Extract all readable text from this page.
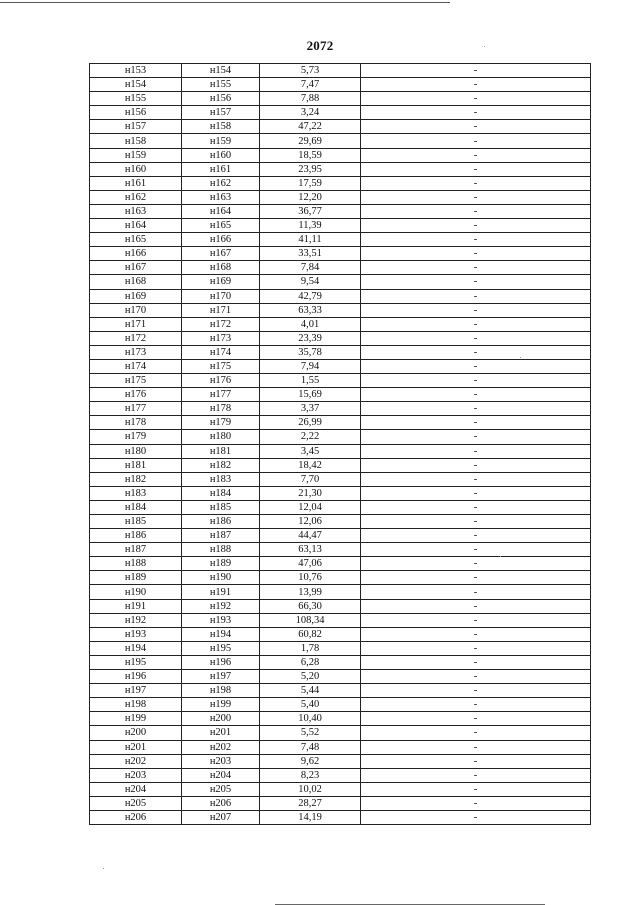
2072
н153	н154	5,73	-
н154	н155	7,47	-
н155	н156	7,88	-
н156	н157	3,24	-
н157	н158	47,22	-
н158	н159	29,69	-
н159	н160	18,59	-
н160	н161	23,95	-
н161	н162	17,59	-
н162	н163	12,20	-
н163	н164	36,77	-
н164	н165	11,39	-
н165	н166	41,11	-
н166	н167	33,51	-
н167	н168	7,84	-
н168	н169	9,54	-
н169	н170	42,79	-
н170	н171	63,33	-
н171	н172	4,01	-
н172	н173	23,39	-
н173	н174	35,78	-
н174	н175	7,94	-
н175	н176	1,55	-
н176	н177	15,69	-
н177	н178	3,37	-
н178	н179	26,99	-
н179	н180	2,22	-
н180	н181	3,45	-
н181	н182	18,42	-
н182	н183	7,70	-
н183	н184	21,30	-
н184	н185	12,04	-
н185	н186	12,06	-
н186	н187	44,47	-
н187	н188	63,13	-
н188	н189	47,06	-
н189	н190	10,76	-
н190	н191	13,99	-
н191	н192	66,30	-
н192	н193	108,34	-
н193	н194	60,82	-
н194	н195	1,78	-
н195	н196	6,28	-
н196	н197	5,20	-
н197	н198	5,44	-
н198	н199	5,40	-
н199	н200	10,40	-
н200	н201	5,52	-
н201	н202	7,48	-
н202	н203	9,62	-
н203	н204	8,23	-
н204	н205	10,02	-
н205	н206	28,27	-
н206	н207	14,19	-
